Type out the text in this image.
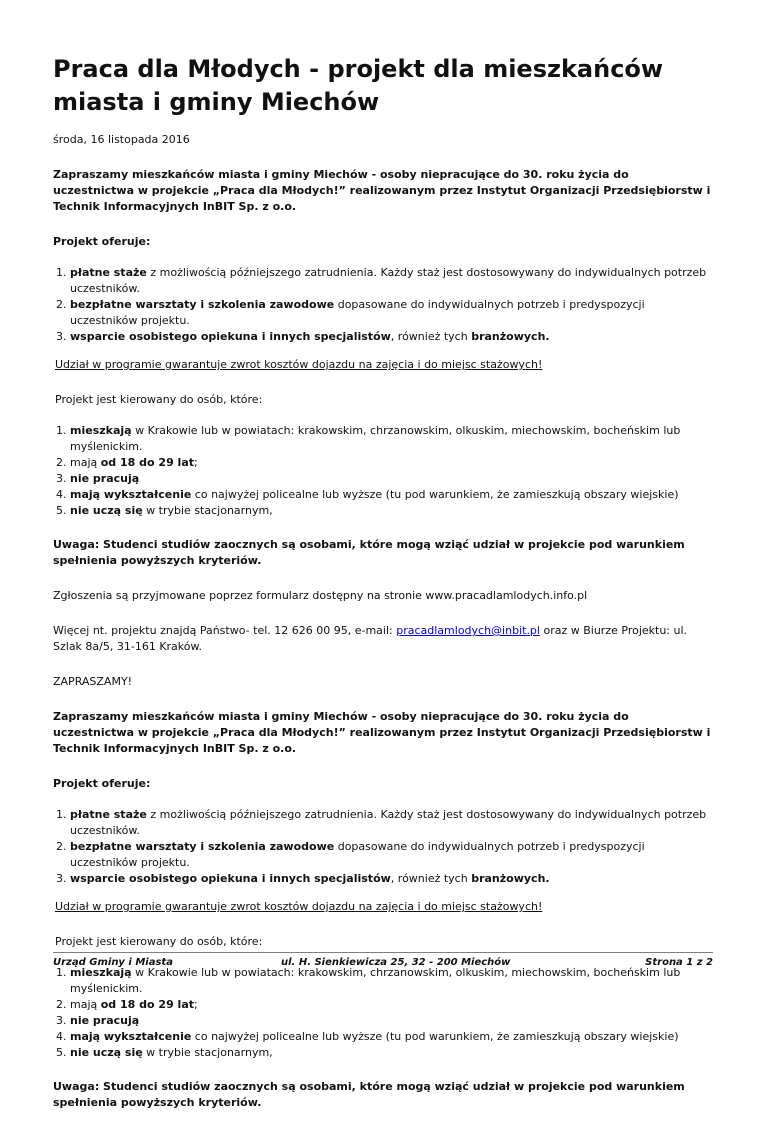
Praca dla Młodych - projekt dla mieszkańców miasta i gminy Miechów

środa, 16 listopada 2016

Zapraszamy mieszkańców miasta i gminy Miechów - osoby niepracujące do 30. roku życia do uczestnictwa w projekcie „Praca dla Młodych!” realizowanym przez Instytut Organizacji Przedsiębiorstw i Technik Informacyjnych InBIT Sp. z o.o.

Projekt oferuje:

1. płatne staże z możliwością późniejszego zatrudnienia. Każdy staż jest dostosowywany do indywidualnych potrzeb uczestników.
2. bezpłatne warsztaty i szkolenia zawodowe dopasowane do indywidualnych potrzeb i predyspozycji uczestników projektu.
3. wsparcie osobistego opiekuna i innych specjalistów, również tych branżowych.

Udział w programie gwarantuje zwrot kosztów dojazdu na zajęcia i do miejsc stażowych!

Projekt jest kierowany do osób, które:

1. mieszkają w Krakowie lub w powiatach: krakowskim, chrzanowskim, olkuskim, miechowskim, bocheńskim lub myślenickim.
2. mają od 18 do 29 lat;
3. nie pracują
4. mają wykształcenie co najwyżej policealne lub wyższe (tu pod warunkiem, że zamieszkują obszary wiejskie)
5. nie uczą się w trybie stacjonarnym,

Uwaga: Studenci studiów zaocznych są osobami, które mogą wziąć udział w projekcie pod warunkiem spełnienia powyższych kryteriów.

Zgłoszenia są przyjmowane poprzez formularz dostępny na stronie www.pracadlamlodych.info.pl

Więcej nt. projektu znajdą Państwo- tel. 12 626 00 95, e-mail: pracadlamlodych@inbit.pl oraz w Biurze Projektu: ul. Szlak 8a/5, 31-161 Kraków.

ZAPRASZAMY!

Zapraszamy mieszkańców miasta i gminy Miechów - osoby niepracujące do 30. roku życia do uczestnictwa w projekcie „Praca dla Młodych!” realizowanym przez Instytut Organizacji Przedsiębiorstw i Technik Informacyjnych InBIT Sp. z o.o.

Projekt oferuje:

1. płatne staże z możliwością późniejszego zatrudnienia. Każdy staż jest dostosowywany do indywidualnych potrzeb uczestników.
2. bezpłatne warsztaty i szkolenia zawodowe dopasowane do indywidualnych potrzeb i predyspozycji uczestników projektu.
3. wsparcie osobistego opiekuna i innych specjalistów, również tych branżowych.

Udział w programie gwarantuje zwrot kosztów dojazdu na zajęcia i do miejsc stażowych!

Projekt jest kierowany do osób, które:

1. mieszkają w Krakowie lub w powiatach: krakowskim, chrzanowskim, olkuskim, miechowskim, bocheńskim lub myślenickim.
2. mają od 18 do 29 lat;
3. nie pracują
4. mają wykształcenie co najwyżej policealne lub wyższe (tu pod warunkiem, że zamieszkują obszary wiejskie)
5. nie uczą się w trybie stacjonarnym,

Uwaga: Studenci studiów zaocznych są osobami, które mogą wziąć udział w projekcie pod warunkiem spełnienia powyższych kryteriów.

Urząd Gminy i Miasta	ul. H. Sienkiewicza 25, 32 - 200 Miechów	Strona 1 z 2
